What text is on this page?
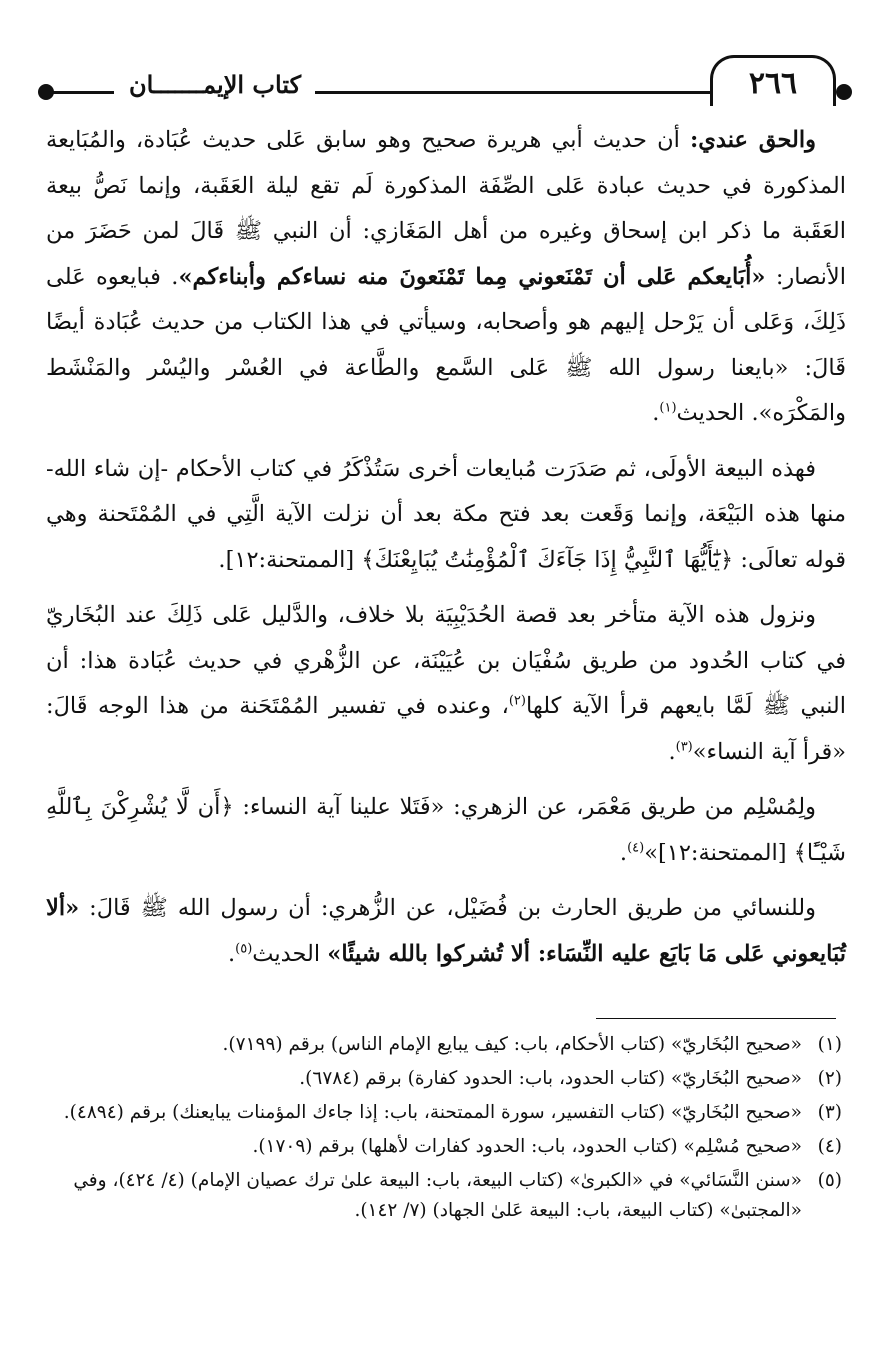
كتاب الإيمـــــــان	٢٦٦

والحق عندي: أن حديث أبي هريرة صحيح وهو سابق عَلى حديث عُبَادة، والمُبَايعة المذكورة في حديث عبادة عَلى الصِّفَة المذكورة لَم تقع ليلة العَقَبة، وإنما نَصُّ بيعة العَقَبة ما ذكر ابن إسحاق وغيره من أهل المَغَازي: أن النبي ﷺ قَالَ لمن حَضَرَ من الأنصار: «أُبَايعكم عَلى أن تَمْنَعوني مِما تَمْنَعونَ منه نساءكم وأبناءكم». فبايعوه عَلى ذَلِكَ، وَعَلى أن يَرْحل إليهم هو وأصحابه، وسيأتي في هذا الكتاب من حديث عُبَادة أيضًا قَالَ: «بايعنا رسول الله ﷺ عَلى السَّمع والطَّاعة في العُسْر واليُسْر والمَنْشَط والمَكْرَه». الحديث$^{(١)}$.

فهذه البيعة الأولَى، ثم صَدَرَت مُبايعات أخرى سَتُذْكَرُ في كتاب الأحكام -إن شاء الله- منها هذه البَيْعَة، وإنما وَقَعت بعد فتح مكة بعد أن نزلت الآية الَّتِي في المُمْتَحنة وهي قوله تعالَى: ﴿يَٰٓأَيُّهَا ٱلنَّبِيُّ إِذَا جَآءَكَ ٱلْمُؤْمِنَٰتُ يُبَايِعْنَكَ﴾ [الممتحنة:١٢].

ونزول هذه الآية متأخر بعد قصة الحُدَيْبِيَة بلا خلاف، والدَّليل عَلى ذَلِكَ عند البُخَاريّ في كتاب الحُدود من طريق سُفْيَان بن عُيَيْنَة، عن الزُّهْري في حديث عُبَادة هذا: أن النبي ﷺ لَمَّا بايعهم قرأ الآية كلها$^{(٢)}$، وعنده في تفسير المُمْتَحَنة من هذا الوجه قَالَ: «قرأ آية النساء»$^{(٣)}$.

ولِمُسْلِم من طريق مَعْمَر، عن الزهري: «فَتَلا علينا آية النساء: ﴿أَن لَّا يُشْرِكْنَ بِٱللَّهِ شَيْـًٔا﴾ [الممتحنة:١٢]»$^{(٤)}$.

وللنسائي من طريق الحارث بن فُضَيْل، عن الزُّهري: أن رسول الله ﷺ قَالَ: «ألا تُبَايعوني عَلى مَا بَايَع عليه النِّسَاء: ألا تُشركوا بالله شيئًا» الحديث$^{(٥)}$.

(١)
«صحيح البُخَاريّ» (كتاب الأحكام، باب: كيف يبايع الإمام الناس) برقم (٧١٩٩).
(٢)
«صحيح البُخَاريّ» (كتاب الحدود، باب: الحدود كفارة) برقم (٦٧٨٤).
(٣)
«صحيح البُخَاريّ» (كتاب التفسير، سورة الممتحنة، باب: إذا جاءك المؤمنات يبايعنك) برقم (٤٨٩٤).
(٤)
«صحيح مُسْلِم» (كتاب الحدود، باب: الحدود كفارات لأهلها) برقم (١٧٠٩).
(٥)
«سنن النَّسَائي» في «الكبرىٰ» (كتاب البيعة، باب: البيعة علىٰ ترك عصيان الإمام) (٤/ ٤٢٤)، وفي «المجتبىٰ» (كتاب البيعة، باب: البيعة عَلىٰ الجهاد) (٧/ ١٤٢).
